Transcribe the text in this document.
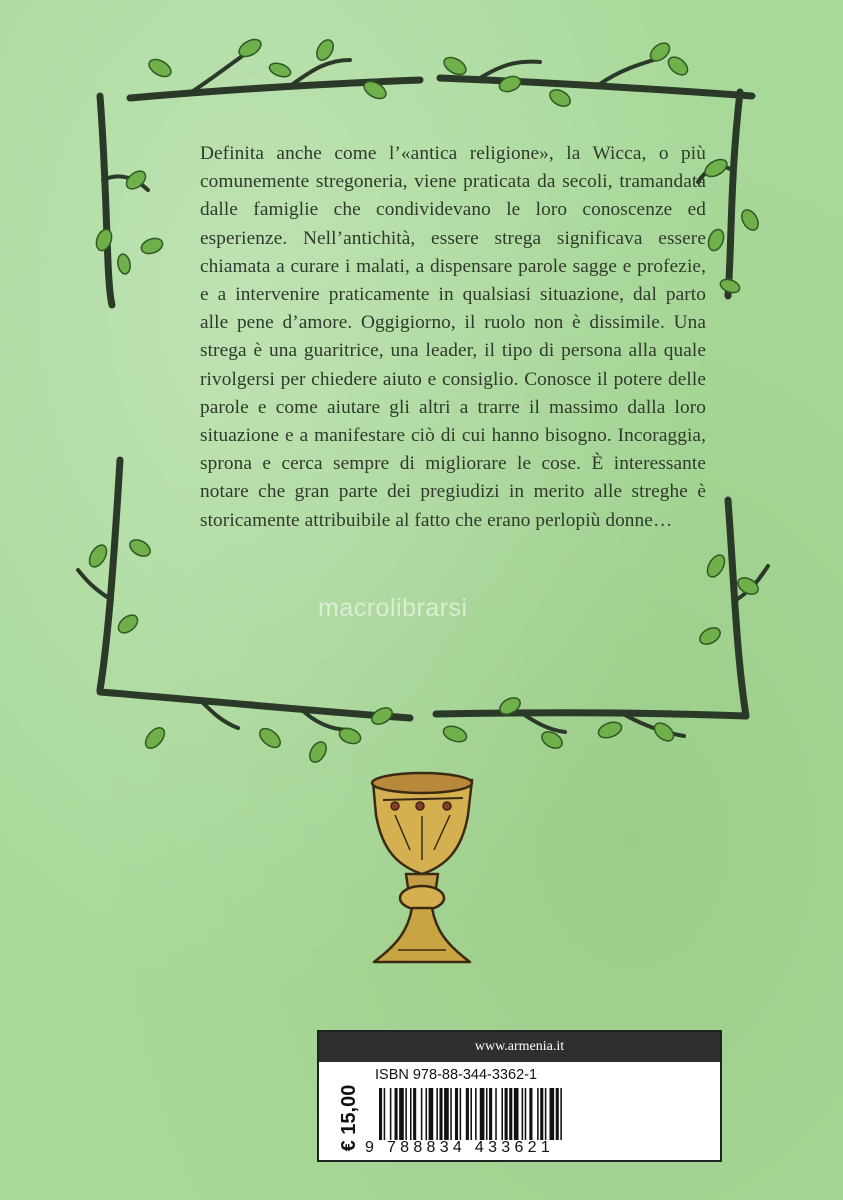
Definita anche come l’«antica religione», la Wicca, o più comunemente stregoneria, viene praticata da secoli, tramandata dalle famiglie che condividevano le loro conoscenze ed esperienze. Nell’antichità, essere strega significava essere chiamata a curare i malati, a dispensare parole sagge e profezie, e a intervenire praticamente in qualsiasi situazione, dal parto alle pene d’amore. Oggigiorno, il ruolo non è dissimile. Una strega è una guaritrice, una leader, il tipo di persona alla quale rivolgersi per chiedere aiuto e consiglio. Conosce il potere delle parole e come aiutare gli altri a trarre il massimo dalla loro situazione e a manifestare ciò di cui hanno bisogno. Incoraggia, sprona e cerca sempre di migliorare le cose. È interessante notare che gran parte dei pregiudizi in merito alle streghe è storicamente attribuibile al fatto che erano perlopiù donne…

macrolibrarsi
www.armenia.it
€ 15,00
ISBN 978-88-344-3362-1
9 788834 433621
